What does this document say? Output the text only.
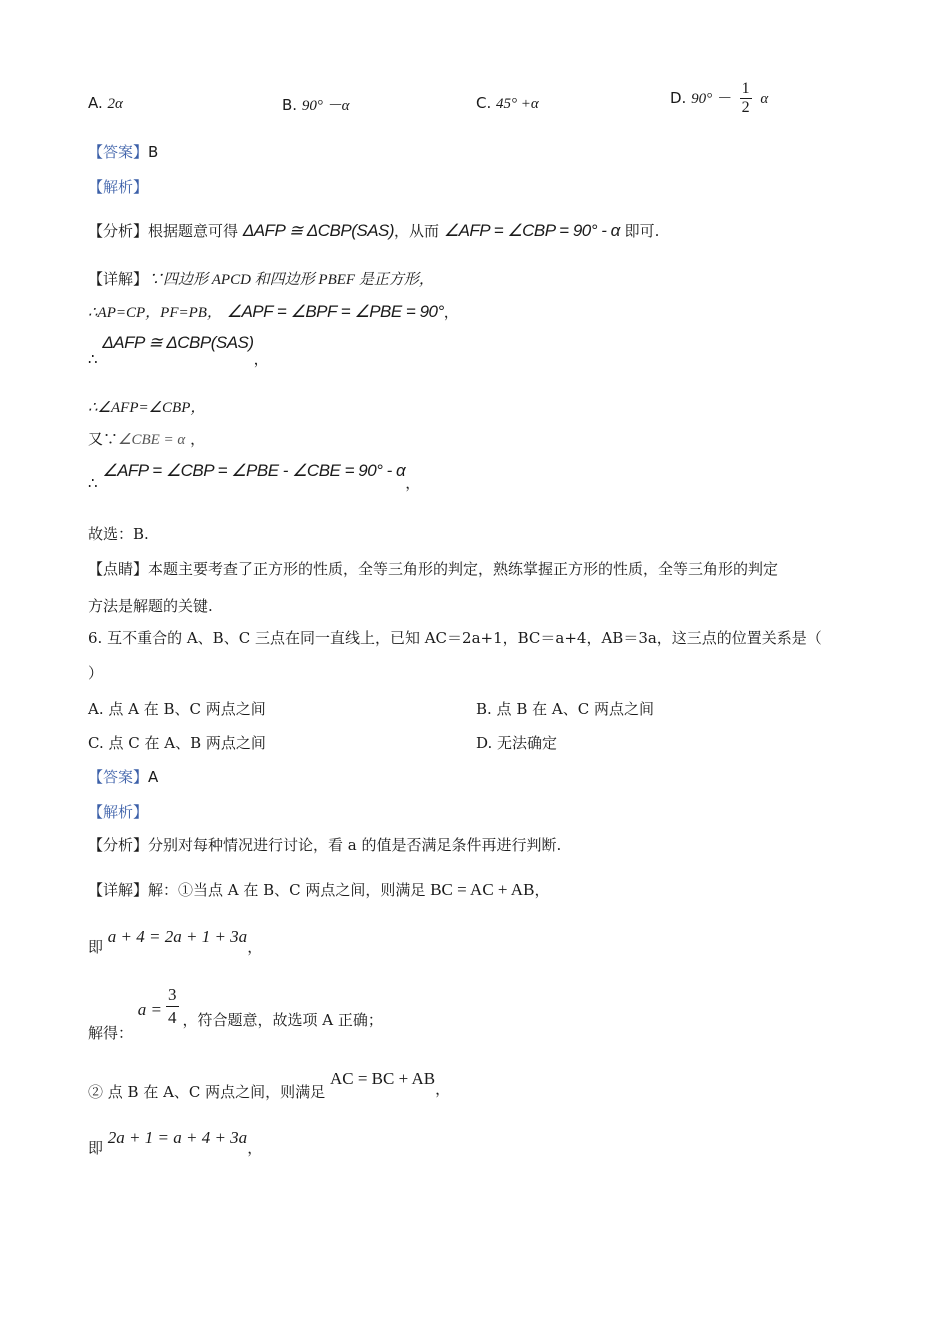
A. 2α	B. 90° －α	C. 45° +α	D. $90^\circ - \frac{1}{2}$ α
【答案】B
【解析】
【分析】根据题意可得 ΔAFP ≅ ΔCBP(SAS)，从而 ∠AFP = ∠CBP = 90° - α 即可.
【详解】∵四边形 APCD 和四边形 PBEF 是正方形，
∴AP=CP，PF=PB， ∠APF = ∠BPF = ∠PBE = 90°，
∴ ΔAFP ≅ ΔCBP(SAS)，
∴∠AFP=∠CBP，
又∵∠CBE = α ，
∴ ∠AFP = ∠CBP = ∠PBE - ∠CBE = 90° - α，
故选：B.
【点睛】本题主要考查了正方形的性质，全等三角形的判定，熟练掌握正方形的性质，全等三角形的判定
方法是解题的关键.
6. 互不重合的 A、B、C 三点在同一直线上，已知 AC＝2a+1，BC＝a+4，AB＝3a，这三点的位置关系是（
）
A. 点 A 在 B、C 两点之间	B. 点 B 在 A、C 两点之间
C. 点 C 在 A、B 两点之间	D. 无法确定
【答案】A
【解析】
【分析】分别对每种情况进行讨论，看 a 的值是否满足条件再进行判断.
【详解】解：①当点 A 在 B、C 两点之间，则满足 BC = AC + AB，
即 a + 4 = 2a + 1 + 3a，
解得： $a = \frac{3}{4}$ ，符合题意，故选项 A 正确；
② 点 B 在 A、C 两点之间，则满足 AC = BC + AB，
即 2a + 1 = a + 4 + 3a，
